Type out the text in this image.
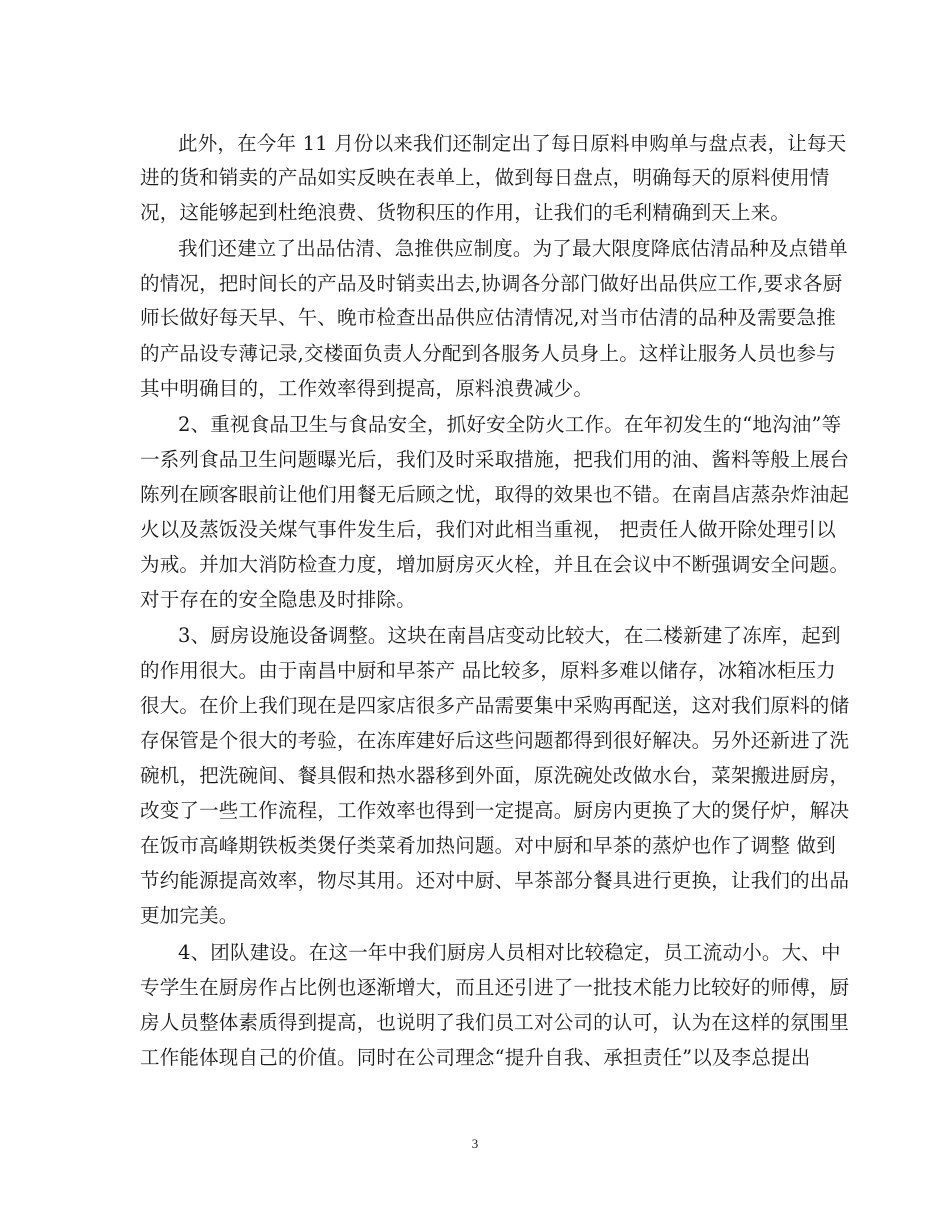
此外，在今年 11 月份以来我们还制定出了每日原料申购单与盘点表，让每天
进的货和销卖的产品如实反映在表单上，做到每日盘点，明确每天的原料使用情
况，这能够起到杜绝浪费、货物积压的作用，让我们的毛利精确到天上来。
我们还建立了出品估清、急推供应制度。为了最大限度降底估清品种及点错单
的情况，把时间长的产品及时销卖出去,协调各分部门做好出品供应工作,要求各厨
师长做好每天早、午、晚市检查出品供应估清情况,对当市估清的品种及需要急推
的产品设专薄记录,交楼面负责人分配到各服务人员身上。这样让服务人员也参与
其中明确目的，工作效率得到提高，原料浪费减少。
2、重视食品卫生与食品安全，抓好安全防火工作。在年初发生的“地沟油”等
一系列食品卫生问题曝光后，我们及时采取措施，把我们用的油、酱料等般上展台
陈列在顾客眼前让他们用餐无后顾之忧，取得的效果也不错。在南昌店蒸杂炸油起
火以及蒸饭没关煤气事件发生后，我们对此相当重视， 把责任人做开除处理引以
为戒。并加大消防检查力度，增加厨房灭火栓，并且在会议中不断强调安全问题。
对于存在的安全隐患及时排除。
3、厨房设施设备调整。这块在南昌店变动比较大，在二楼新建了冻库，起到
的作用很大。由于南昌中厨和早茶产 品比较多，原料多难以储存，冰箱冰柜压力
很大。在价上我们现在是四家店很多产品需要集中采购再配送，这对我们原料的储
存保管是个很大的考验，在冻库建好后这些问题都得到很好解决。另外还新进了洗
碗机，把洗碗间、餐具假和热水器移到外面，原洗碗处改做水台，菜架搬进厨房，
改变了一些工作流程，工作效率也得到一定提高。厨房内更换了大的煲仔炉，解决
在饭市高峰期铁板类煲仔类菜肴加热问题。对中厨和早茶的蒸炉也作了调整 做到
节约能源提高效率，物尽其用。还对中厨、早茶部分餐具进行更换，让我们的出品
更加完美。
4、团队建设。在这一年中我们厨房人员相对比较稳定，员工流动小。大、中
专学生在厨房作占比例也逐渐增大，而且还引进了一批技术能力比较好的师傅，厨
房人员整体素质得到提高，也说明了我们员工对公司的认可，认为在这样的氛围里
工作能体现自己的价值。同时在公司理念“提升自我、承担责任”以及李总提出
3
